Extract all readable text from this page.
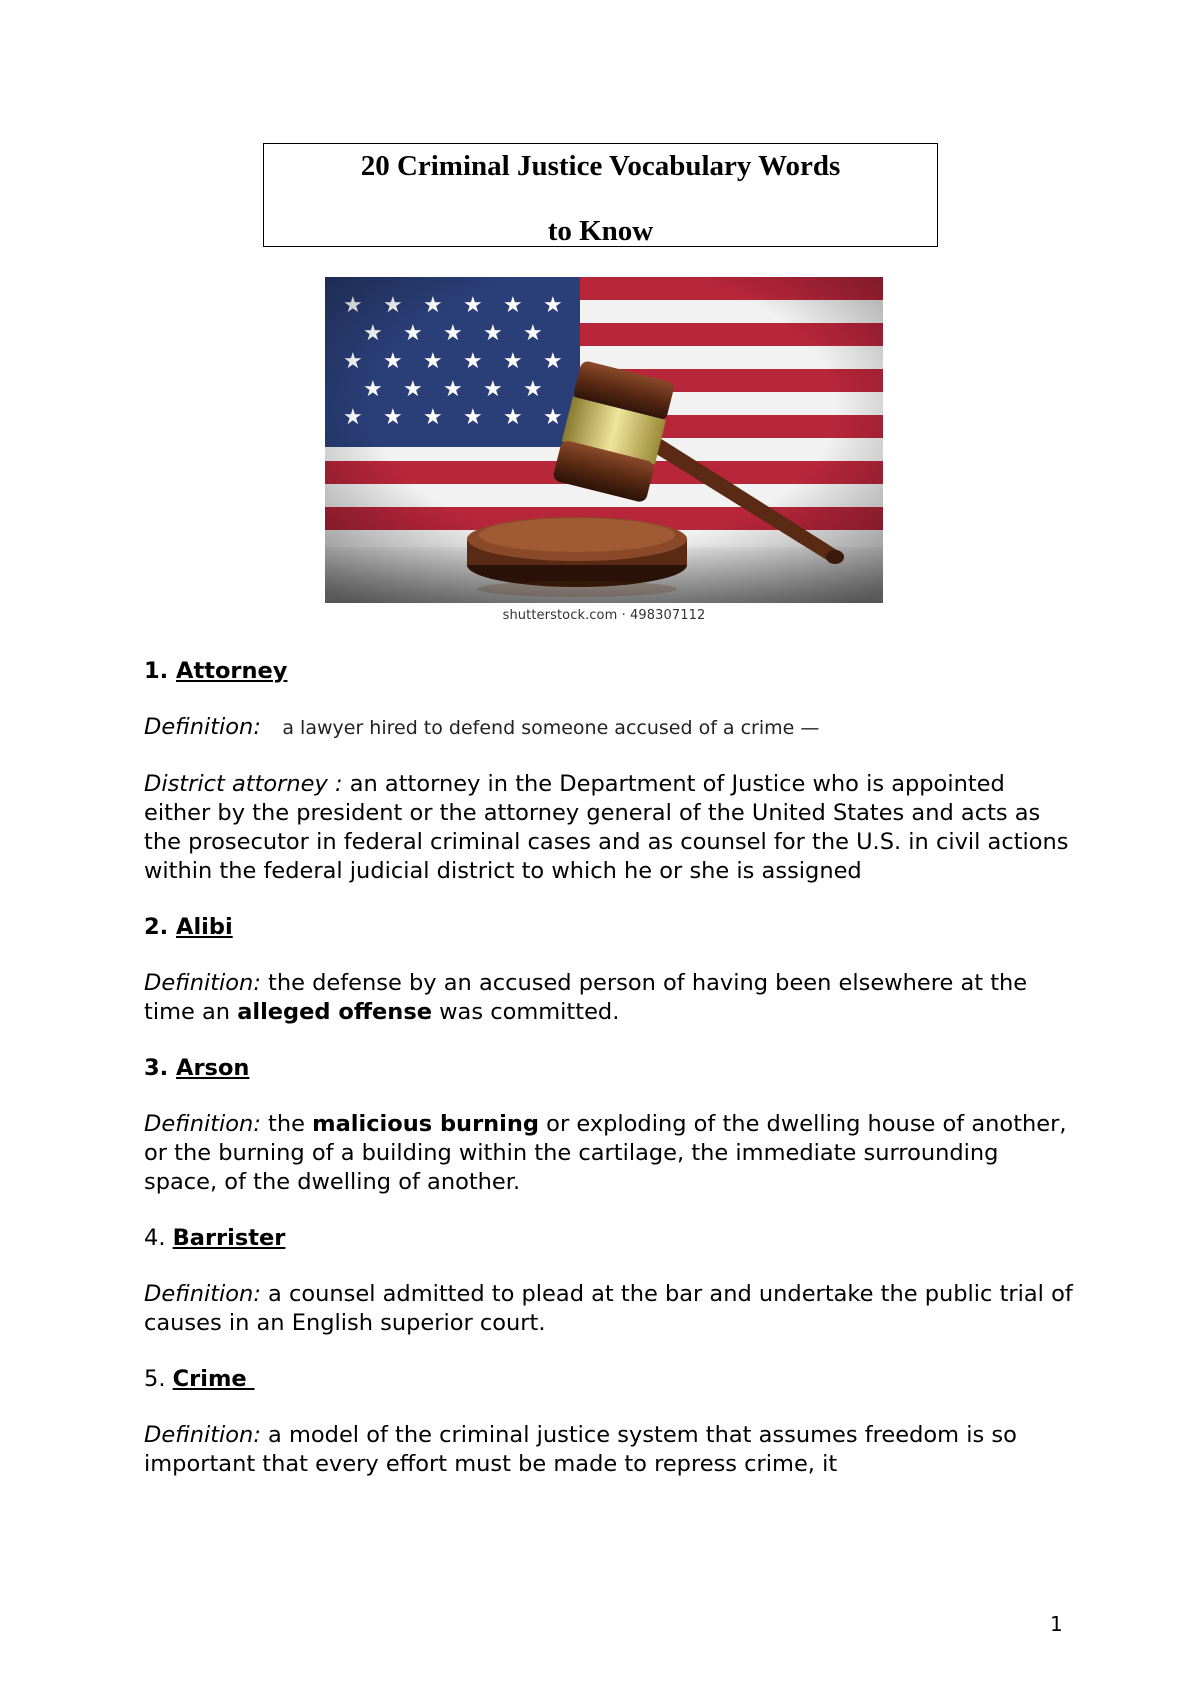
20 Criminal Justice Vocabulary Words
to Know
shutterstock.com · 498307112

1. Attorney

Definition: a lawyer hired to defend someone accused of a crime —

District attorney : an attorney in the Department of Justice who is appointed either by the president or the attorney general of the United States and acts as the prosecutor in federal criminal cases and as counsel for the U.S. in civil actions within the federal judicial district to which he or she is assigned

2. Alibi

Definition: the defense by an accused person of having been elsewhere at the time an alleged offense was committed.

3. Arson

Definition: the malicious burning or exploding of the dwelling house of another, or the burning of a building within the cartilage, the immediate surrounding space, of the dwelling of another.

4. Barrister

Definition: a counsel admitted to plead at the bar and undertake the public trial of causes in an English superior court.

5. Crime

Definition: a model of the criminal justice system that assumes freedom is so important that every effort must be made to repress crime, it

1
